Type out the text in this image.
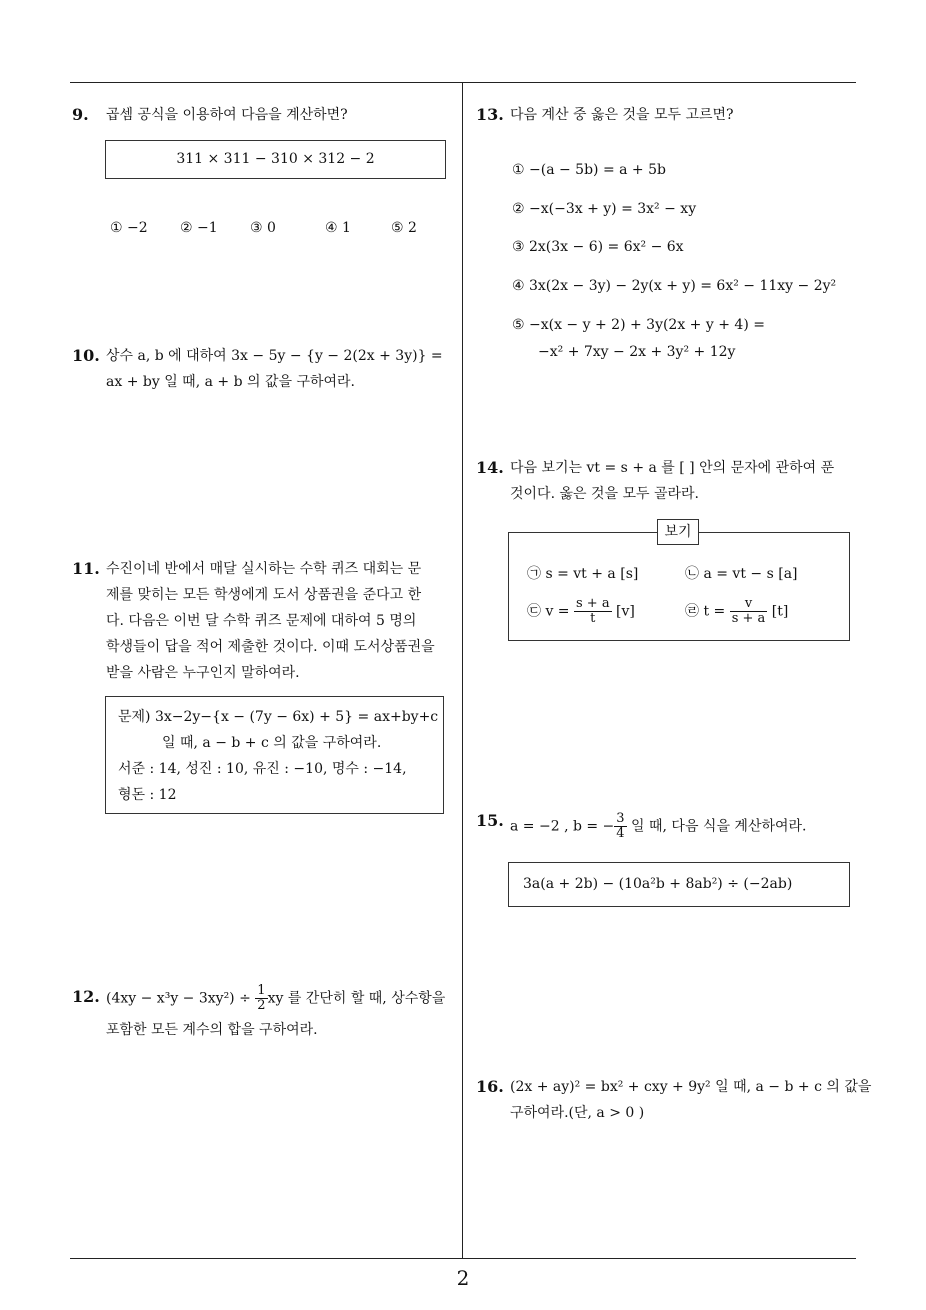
9. 곱셈 공식을 이용하여 다음을 계산하면?
311 × 311 − 310 × 312 − 2
① −2 ② −1 ③ 0	④ 1	⑤ 2
10. 상수 a, b 에 대하여 3x − 5y − {y − 2(2x + 3y)} =
ax + by 일 때, a + b 의 값을 구하여라.
11. 수진이네 반에서 매달 실시하는 수학 퀴즈 대회는 문
제를 맞히는 모든 학생에게 도서 상품권을 준다고 한
다. 다음은 이번 달 수학 퀴즈 문제에 대하여 5 명의
학생들이 답을 적어 제출한 것이다. 이때 도서상품권을
받을 사람은 누구인지 말하여라.
문제) 3x−2y−{x − (7y − 6x) + 5} = ax+by+c
일 때, a − b + c 의 값을 구하여라.
서준 : 14, 성진 : 10, 유진 : −10, 명수 : −14,
형돈 : 12
12. $(4xy - x^3y - 3xy^2) \div \frac{1}{2}$ xy 를 간단히 할 때, 상수항을
포함한 모든 계수의 합을 구하여라.
13. 다음 계산 중 옳은 것을 모두 고르면?
① −(a − 5b) = a + 5b
② −x(−3x + y) = 3x² − xy
③ 2x(3x − 6) = 6x² − 6x
④ 3x(2x − 3y) − 2y(x + y) = 6x² − 11xy − 2y²
⑤ −x(x − y + 2) + 3y(2x + y + 4) =
−x² + 7xy − 2x + 3y² + 12y
14. 다음 보기는 vt = s + a 를 [ ] 안의 문자에 관하여 푼
것이다. 옳은 것을 모두 골라라.
㉠ s = vt + a [s]	㉡ a = vt − s [a]
㉢ $v = \frac{s + a}{t} [v]$	㉣ $t = \frac{v}{s + a} [t]$
보기
15. a = −2 , b = − $\frac{3}{4}$ 일 때, 다음 식을 계산하여라.
3a(a + 2b) − (10a²b + 8ab²) ÷ (−2ab)
16. (2x + ay)² = bx² + cxy + 9y² 일 때, a − b + c 의 값을
구하여라.(단, a > 0 )
2
